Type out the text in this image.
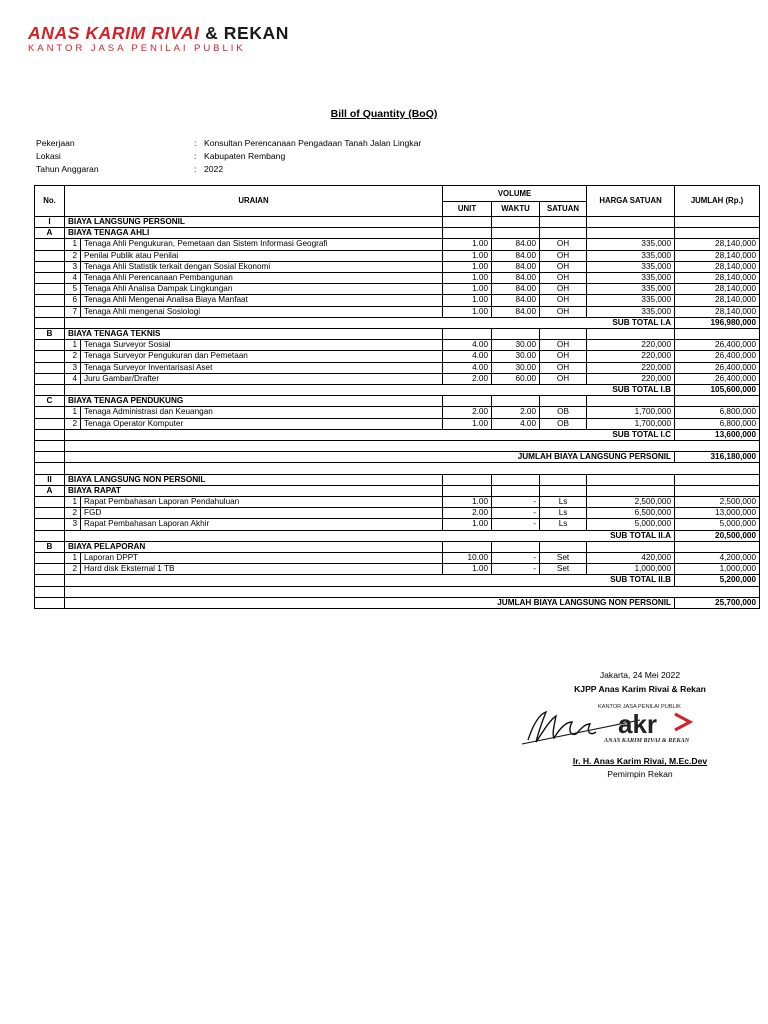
ANAS KARIM RIVAI & REKAN
KANTOR JASA PENILAI PUBLIK
Bill of Quantity (BoQ)
Pekerjaan	: Konsultan Perencanaan Pengadaan Tanah Jalan Lingkar
Lokasi	: Kabupaten Rembang
Tahun Anggaran	: 2022
No.	URAIAN		VOLUME			HARGA SATUAN	JUMLAH (Rp.)
			UNIT	WAKTU	SATUAN		
I	BIAYA LANGSUNG PERSONIL						
A	BIAYA TENAGA AHLI						
	1	Tenaga Ahli Pengukuran, Pemetaan dan Sistem Informasi Geografi	1.00	84.00	OH	335,000	28,140,000
	2	Penilai Publik atau Penilai	1.00	84.00	OH	335,000	28,140,000
	3	Tenaga Ahli Statistik terkait dengan Sosial Ekonomi	1.00	84.00	OH	335,000	28,140,000
	4	Tenaga Ahli Perencanaan Pembangunan	1.00	84.00	OH	335,000	28,140,000
	5	Tenaga Ahli Analisa Dampak Lingkungan	1.00	84.00	OH	335,000	28,140,000
	6	Tenaga Ahli Mengenai Analisa Biaya Manfaat	1.00	84.00	OH	335,000	28,140,000
	7	Tenaga Ahli mengenai Sosiologi	1.00	84.00	OH	335,000	28,140,000
	SUB TOTAL I.A						196,980,000
B	BIAYA TENAGA TEKNIS						
	1	Tenaga Surveyor Sosial	4.00	30.00	OH	220,000	26,400,000
	2	Tenaga Surveyor Pengukuran dan Pemetaan	4.00	30.00	OH	220,000	26,400,000
	3	Tenaga Surveyor Inventarisasi Aset	4.00	30.00	OH	220,000	26,400,000
	4	Juru Gambar/Drafter	2.00	60.00	OH	220,000	26,400,000
	SUB TOTAL I.B						105,600,000
C	BIAYA TENAGA PENDUKUNG						
	1	Tenaga Administrasi dan Keuangan	2.00	2.00	OB	1,700,000	6,800,000
	2	Tenaga Operator Komputer	1.00	4.00	OB	1,700,000	6,800,000
	SUB TOTAL I.C						13,600,000

	JUMLAH BIAYA LANGSUNG PERSONIL						316,180,000

II	BIAYA LANGSUNG NON PERSONIL						
A	BIAYA RAPAT						
	1	Rapat Pembahasan Laporan Pendahuluan	1.00	-	Ls	2,500,000	2,500,000
	2	FGD	2.00	-	Ls	6,500,000	13,000,000
	3	Rapat Pembahasan Laporan Akhir	1.00	-	Ls	5,000,000	5,000,000
	SUB TOTAL II.A						20,500,000
B	BIAYA PELAPORAN						
	1	Laporan DPPT	10.00	-	Set	420,000	4,200,000
	2	Hard disk Eksternal 1 TB	1.00	-	Set	1,000,000	1,000,000
	SUB TOTAL II.B						5,200,000

	JUMLAH BIAYA LANGSUNG NON PERSONIL						25,700,000
Jakarta, 24 Mei 2022
KJPP Anas Karim Rivai & Rekan
KANTOR JASA PENILAI PUBLIK
akr
ANAS KARIM RIVAI & REKAN
Ir. H. Anas Karim Rivai, M.Ec.Dev
Pemimpin Rekan
